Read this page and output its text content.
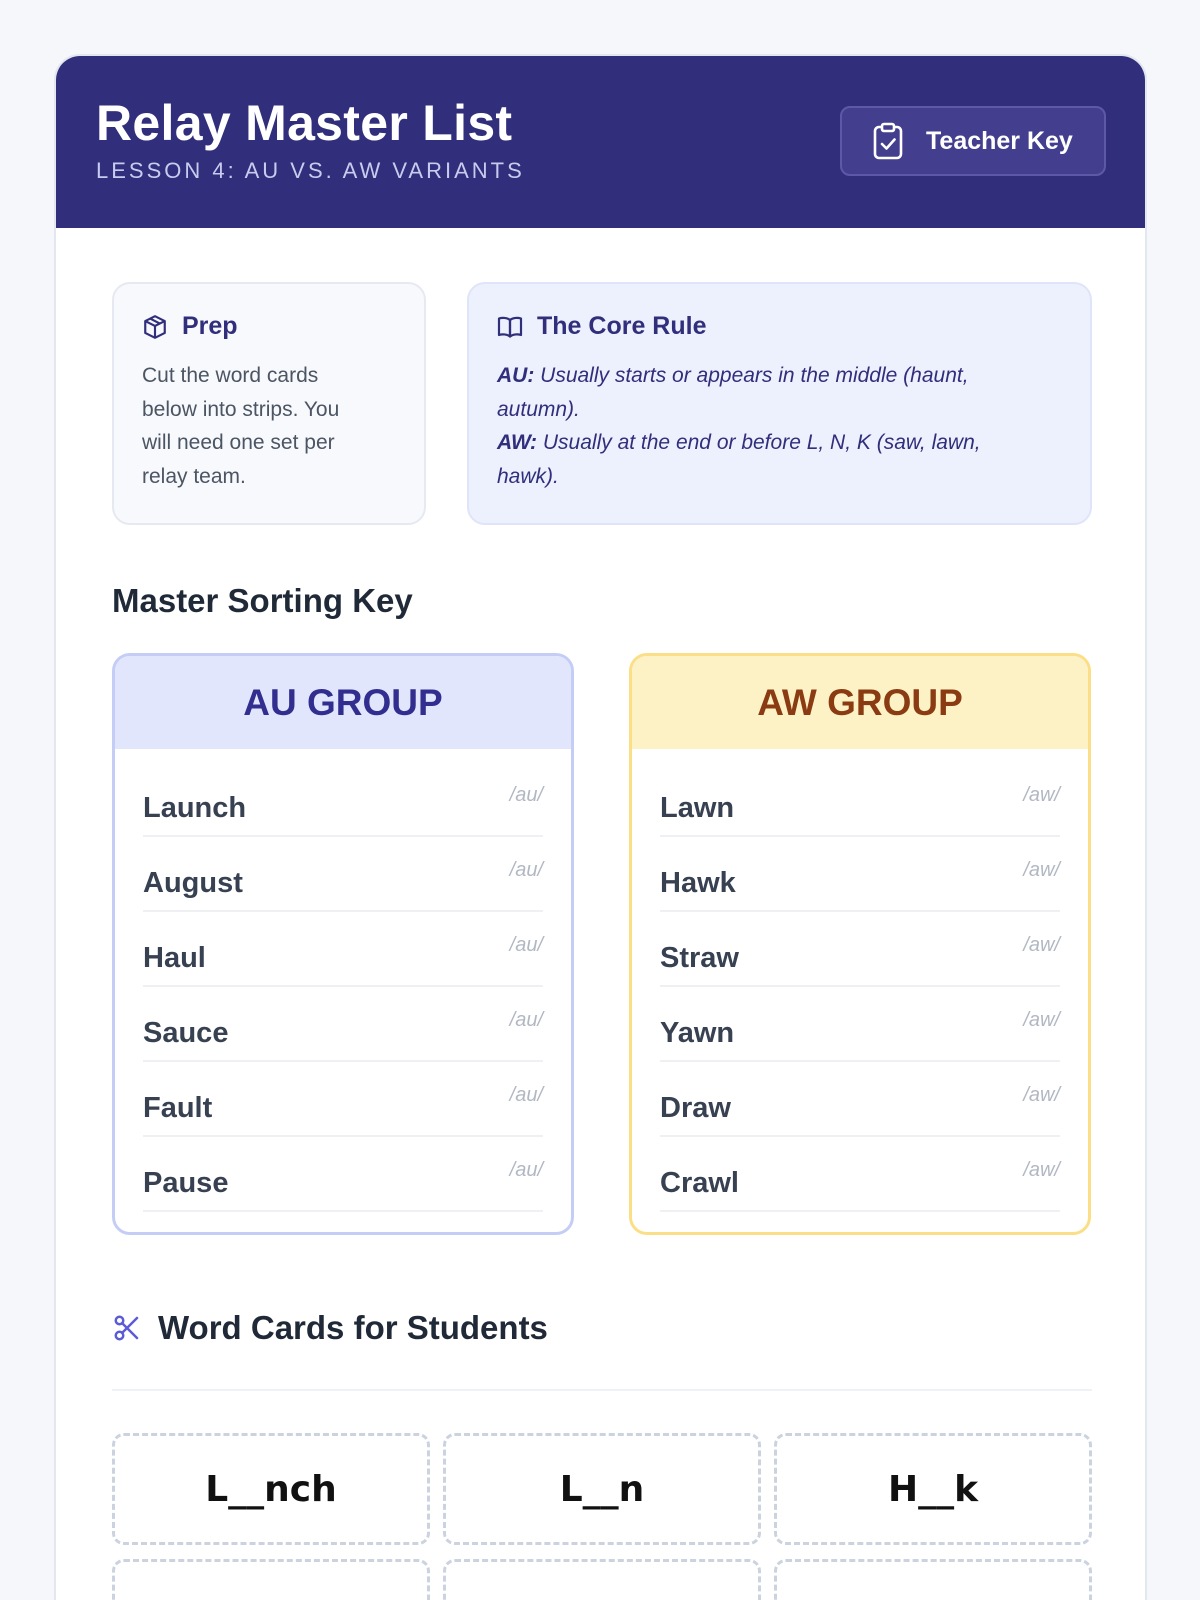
Relay Master List
LESSON 4: AU VS. AW VARIANTS
Teacher Key
Prep
Cut the word cards
below into strips. You
will need one set per
relay team.
The Core Rule
AU: Usually starts or appears in the middle (haunt,
autumn).
AW: Usually at the end or before L, N, K (saw, lawn,
hawk).
Master Sorting Key
AU GROUP
Launch	/au/
August	/au/
Haul	/au/
Sauce	/au/
Fault	/au/
Pause	/au/
AW GROUP
Lawn	/aw/
Hawk	/aw/
Straw	/aw/
Yawn	/aw/
Draw	/aw/
Crawl	/aw/
Word Cards for Students
L__nch	L__n	H__k
